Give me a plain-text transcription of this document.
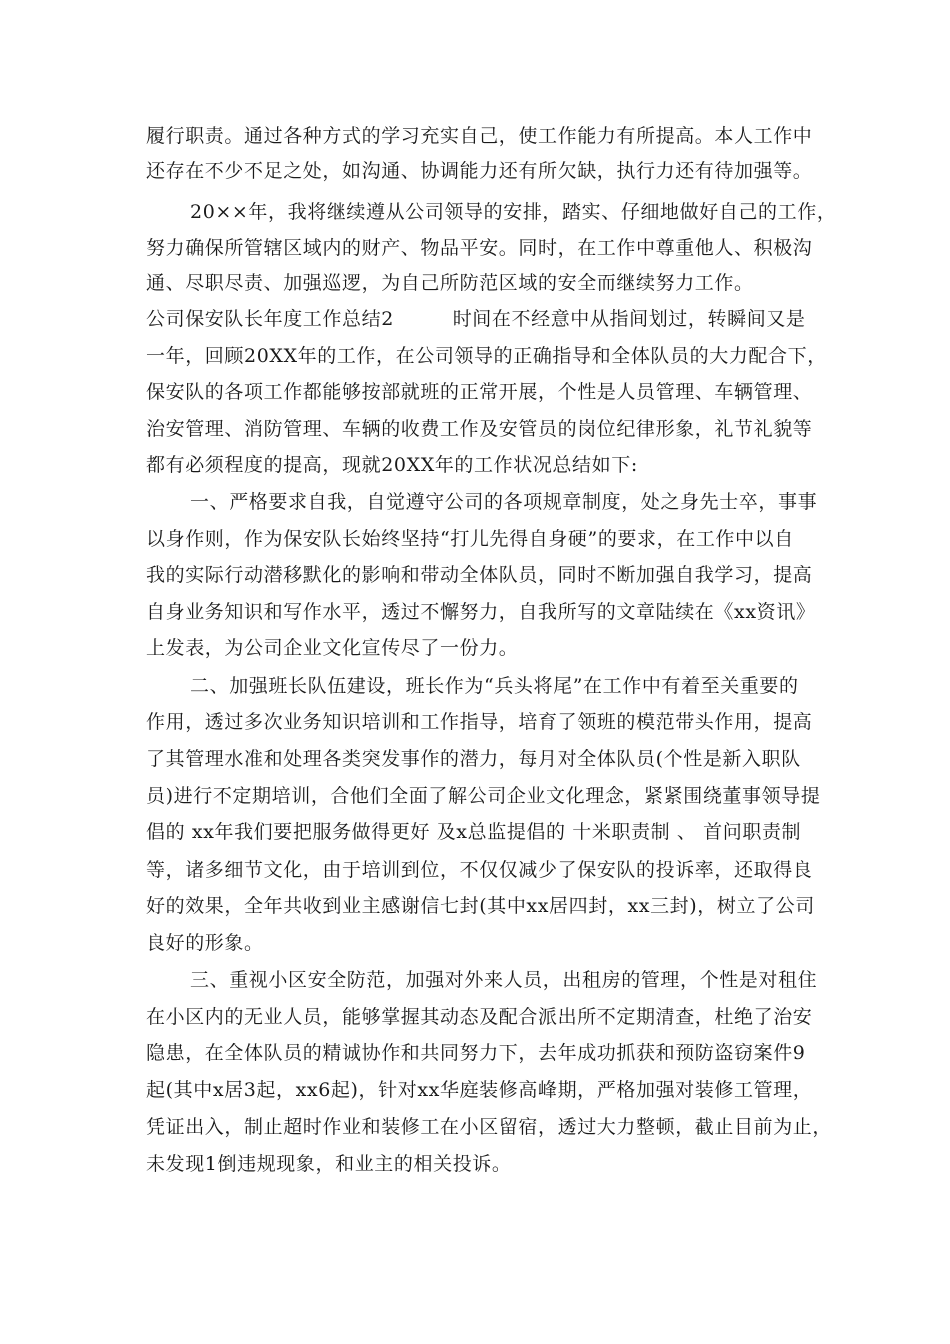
履行职责。通过各种方式的学习充实自己，使工作能力有所提高。本人工作中
还存在不少不足之处，如沟通、协调能力还有所欠缺，执行力还有待加强等。
20××年，我将继续遵从公司领导的安排，踏实、仔细地做好自己的工作，
努力确保所管辖区域内的财产、物品平安。同时，在工作中尊重他人、积极沟
通、尽职尽责、加强巡逻，为自己所防范区域的安全而继续努力工作。
公司保安队长年度工作总结2　　　时间在不经意中从指间划过，转瞬间又是
一年，回顾20XX年的工作，在公司领导的正确指导和全体队员的大力配合下，
保安队的各项工作都能够按部就班的正常开展，个性是人员管理、车辆管理、
治安管理、消防管理、车辆的收费工作及安管员的岗位纪律形象，礼节礼貌等
都有必须程度的提高，现就20XX年的工作状况总结如下:
一、严格要求自我，自觉遵守公司的各项规章制度，处之身先士卒，事事
以身作则，作为保安队长始终坚持“打儿先得自身硬”的要求，在工作中以自
我的实际行动潜移默化的影响和带动全体队员，同时不断加强自我学习，提高
自身业务知识和写作水平，透过不懈努力，自我所写的文章陆续在《xx资讯》
上发表，为公司企业文化宣传尽了一份力。
二、加强班长队伍建设，班长作为“兵头将尾”在工作中有着至关重要的
作用，透过多次业务知识培训和工作指导，培育了领班的模范带头作用，提高
了其管理水准和处理各类突发事作的潜力，每月对全体队员(个性是新入职队
员)进行不定期培训，合他们全面了解公司企业文化理念，紧紧围绕董事领导提
倡的 xx年我们要把服务做得更好 及x总监提倡的 十米职责制 、 首问职责制
等，诸多细节文化，由于培训到位，不仅仅减少了保安队的投诉率，还取得良
好的效果，全年共收到业主感谢信七封(其中xx居四封，xx三封)，树立了公司
良好的形象。
三、重视小区安全防范，加强对外来人员，出租房的管理，个性是对租住
在小区内的无业人员，能够掌握其动态及配合派出所不定期清查，杜绝了治安
隐患，在全体队员的精诚协作和共同努力下，去年成功抓获和预防盗窃案件9
起(其中x居3起，xx6起)，针对xx华庭装修高峰期，严格加强对装修工管理，
凭证出入，制止超时作业和装修工在小区留宿，透过大力整顿，截止目前为止，
未发现1倒违规现象，和业主的相关投诉。
